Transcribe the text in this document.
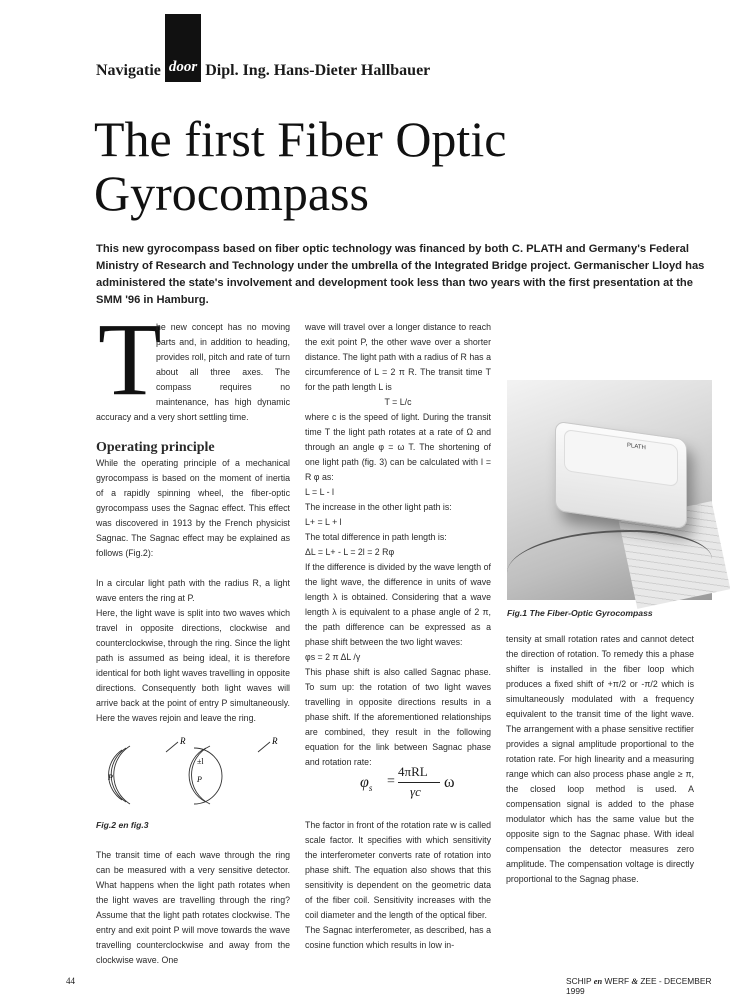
Navigatie door Dipl. Ing. Hans-Dieter Hallbauer
The first Fiber Optic
Gyrocompass
This new gyrocompass based on fiber optic technology was financed by both C. PLATH and Germany's Federal Ministry of Research and Technology under the umbrella of the Integrated Bridge project. Germanischer Lloyd has administered the state's involvement and development took less than two years with the first presentation at the SMM '96 in Hamburg.
T

he new concept has no moving parts and, in addition to heading, provides roll, pitch and rate of turn about all three axes. The compass requires no maintenance, has high dynamic accuracy and a very short settling time.

Operating principle

While the operating principle of a mechanical gyrocompass is based on the moment of inertia of a rapidly spinning wheel, the fiber-optic gyrocompass uses the Sagnac effect. This effect was discovered in 1913 by the French physicist Sagnac. The Sagnac effect may be explained as follows (Fig.2):

In a circular light path with the radius R, a light wave enters the ring at P.

Here, the light wave is split into two waves which travel in opposite directions, clockwise and counterclockwise, through the ring. Since the light path is assumed as being ideal, it is therefore identical for both light waves travelling in opposite directions. Consequently both light waves will arrive back at the point of entry P simultaneously. Here the waves rejoin and leave the ring.

R	R
P	P
±l

Fig.2 en fig.3

The transit time of each wave through the ring can be measured with a very sensitive detector. What happens when the light path rotates when the light waves are travelling through the ring? Assume that the light path rotates clockwise. The entry and exit point P will move towards the wave travelling counterclockwise and away from the clockwise wave. One

wave will travel over a longer distance to reach the exit point P, the other wave over a shorter distance. The light path with a radius of R has a circumference of L = 2 π R. The transit time T for the path length L is

T = L/c

where c is the speed of light. During the transit time T the light path rotates at a rate of Ω and through an angle φ = ω T. The shortening of one light path (fig. 3) can be calculated with l = R φ as:

L = L - l

The increase in the other light path is:

L+ = L + l

The total difference in path length is:

ΔL = L+ - L = 2l = 2 Rφ

If the difference is divided by the wave length of the light wave, the difference in units of wave length λ is obtained. Considering that a wave length λ is equivalent to a phase angle of 2 π, the path difference can be expressed as a phase shift between the two light waves:

φs = 2 π ΔL /γ

This phase shift is also called Sagnac phase. To sum up: the rotation of two light waves travelling in opposite directions results in a phase shift. If the aforementioned relationships are combined, they result in the following equation for the link between Sagnac phase and rotation rate:

$\varphi_s$ =
4πRL
γc
ω

The factor in front of the rotation rate w is called scale factor. It specifies with which sensitivity the interferometer converts rate of rotation into phase shift. The equation also shows that this sensitivity is dependent on the geometric data of the fiber coil. Sensitivity increases with the coil diameter and the length of the optical fiber.

The Sagnac interferometer, as described, has a cosine function which results in low in-

PLATH

Fig.1 The Fiber-Optic Gyrocompass

tensity at small rotation rates and cannot detect the direction of rotation. To remedy this a phase shifter is installed in the fiber loop which produces a fixed shift of +π/2 or -π/2 which is simultaneously modulated with a frequency equivalent to the transit time of the light wave. The arrangement with a phase sensitive rectifier provides a signal amplitude proportional to the rotation rate. For high linearity and a measuring range which can also process phase angle ≥ π, the closed loop method is used. A compensation signal is added to the phase modulator which has the same value but the opposite sign to the Sagnac phase. With ideal compensation the detector measures zero amplitude. The compensation voltage is directly proportional to the Sagnag phase.

44	SCHIP en WERF & ZEE - DECEMBER 1999
